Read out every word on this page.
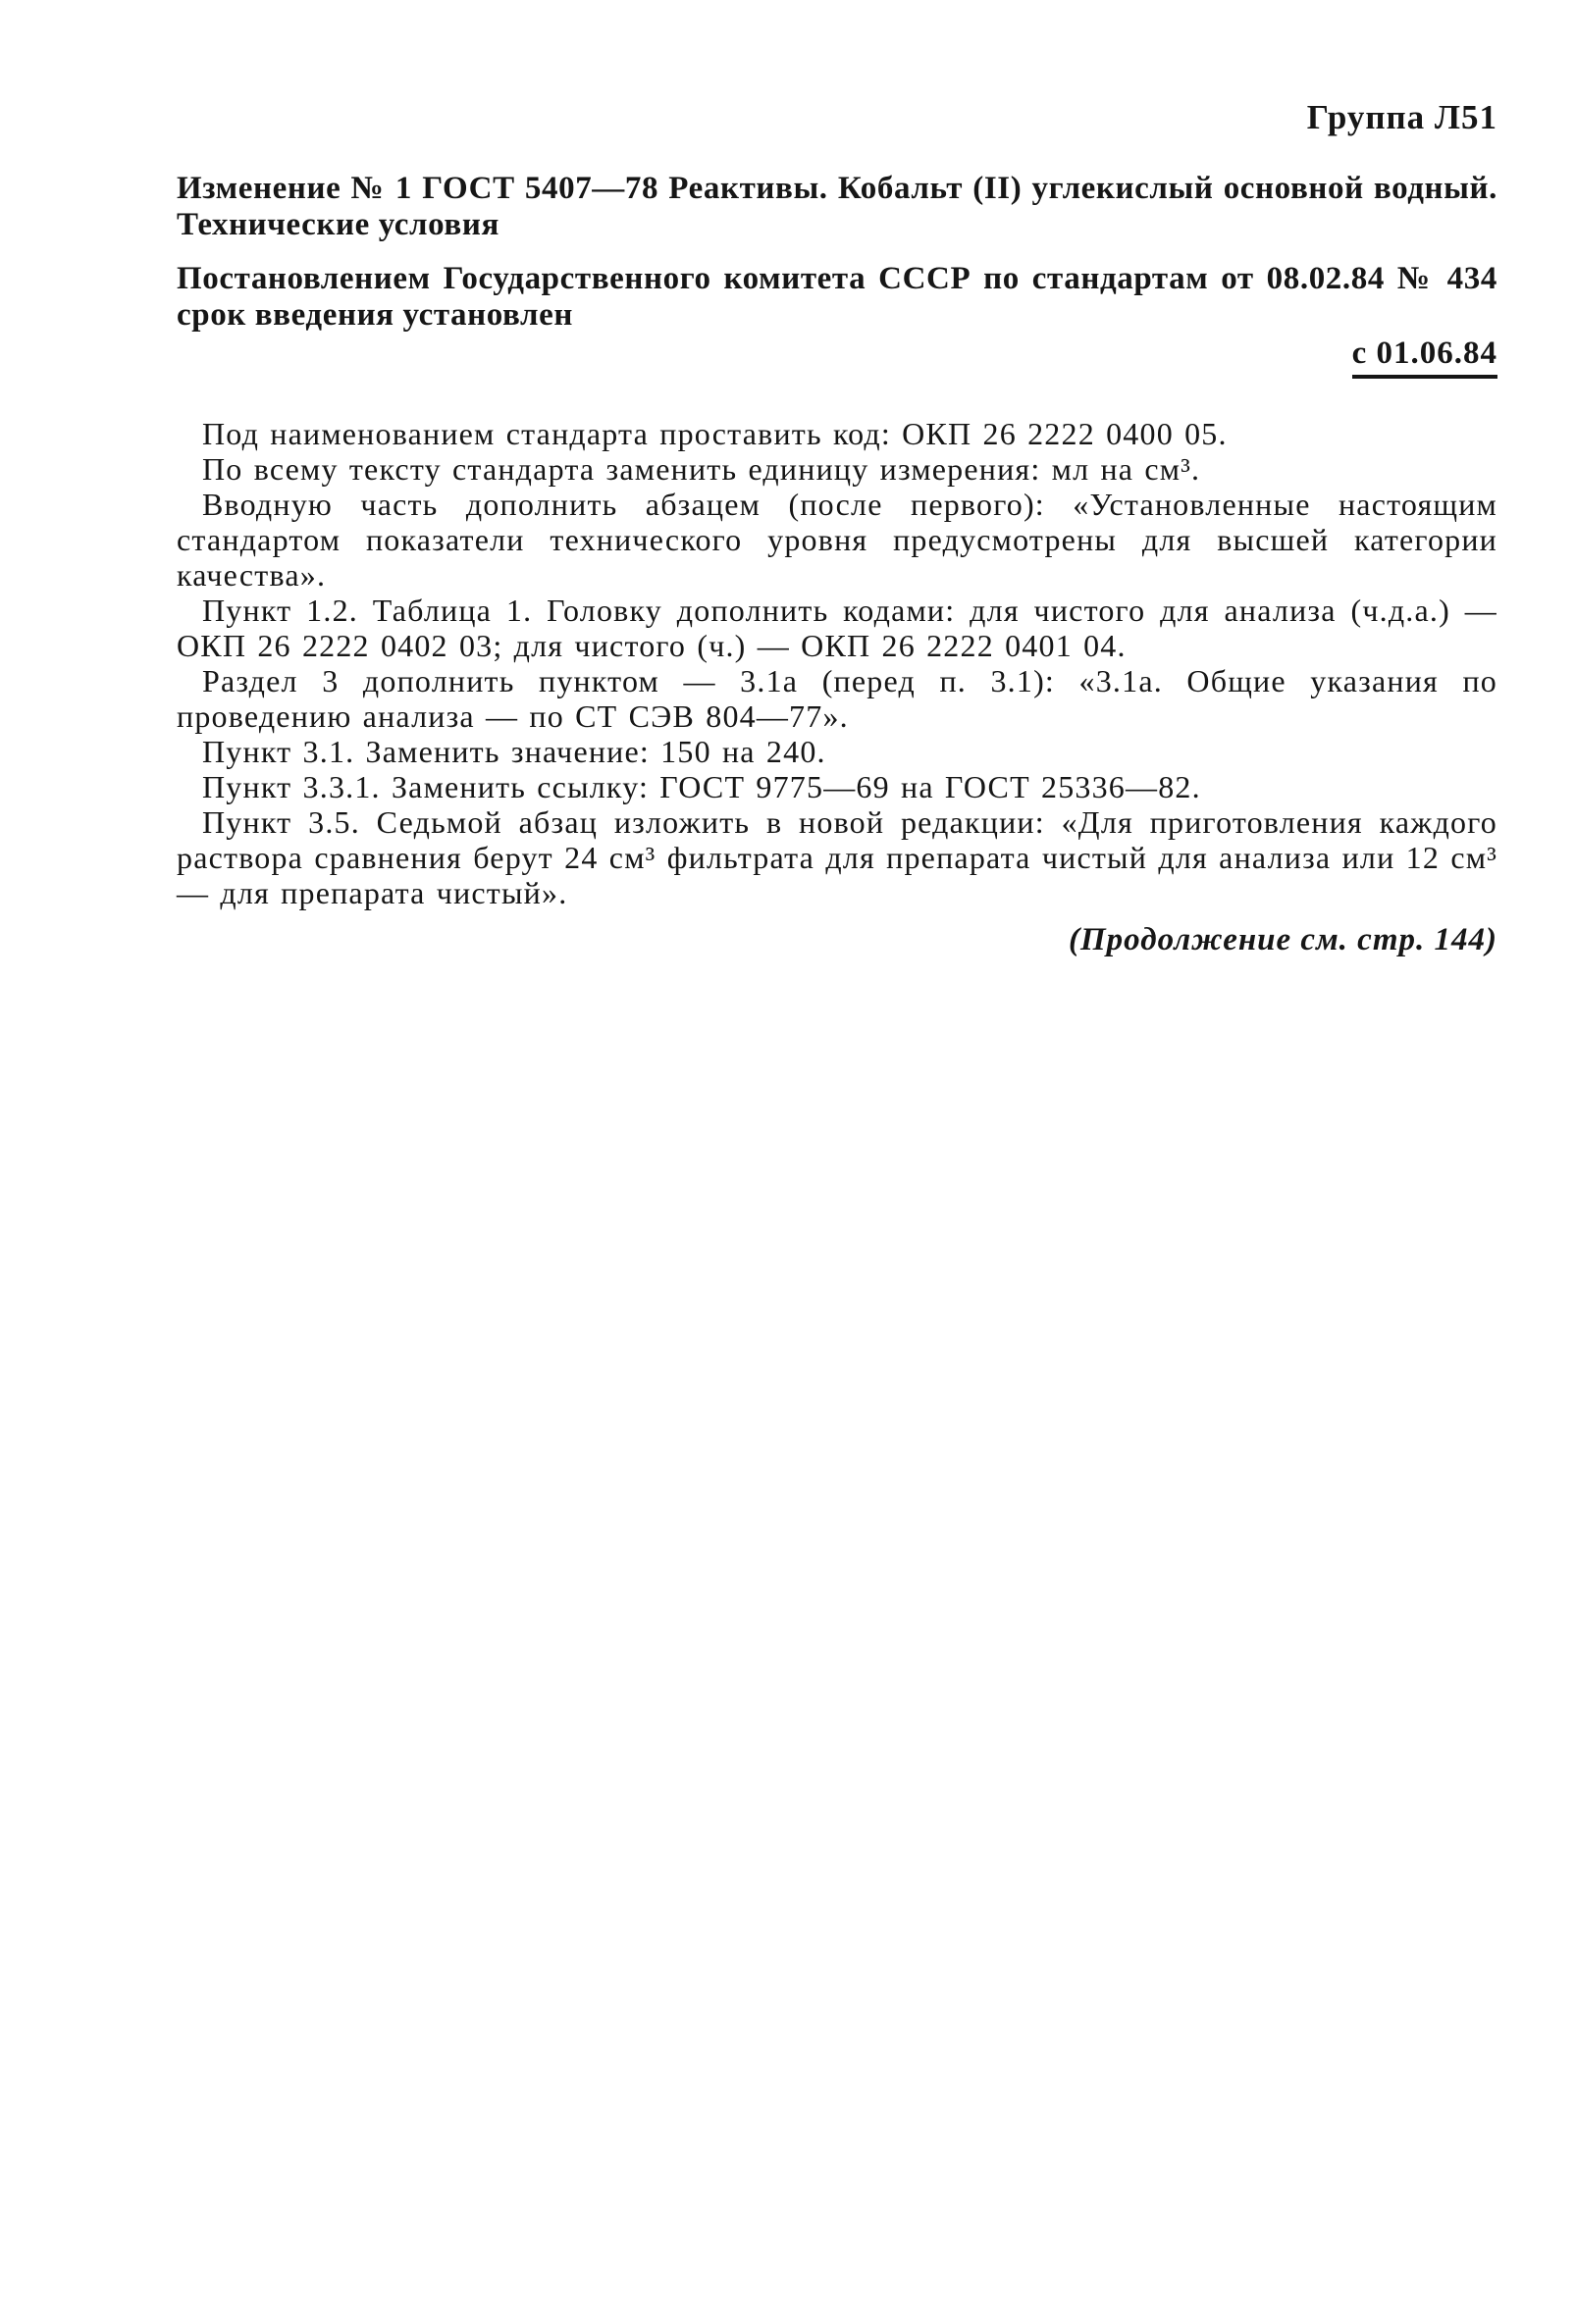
Группа Л51

Изменение № 1 ГОСТ 5407—78 Реактивы. Кобальт (II) углекислый основной водный. Технические условия

Постановлением Государственного комитета СССР по стандартам от 08.02.84 № 434 срок введения установлен

с 01.06.84

Под наименованием стандарта проставить код: ОКП 26 2222 0400 05.

По всему тексту стандарта заменить единицу измерения: мл на см³.

Вводную часть дополнить абзацем (после первого): «Установленные настоящим стандартом показатели технического уровня предусмотрены для высшей категории качества».

Пункт 1.2. Таблица 1. Головку дополнить кодами: для чистого для анализа (ч.д.а.) — ОКП 26 2222 0402 03; для чистого (ч.) — ОКП 26 2222 0401 04.

Раздел 3 дополнить пунктом — 3.1а (перед п. 3.1): «3.1а. Общие указания по проведению анализа — по СТ СЭВ 804—77».

Пункт 3.1. Заменить значение: 150 на 240.

Пункт 3.3.1. Заменить ссылку: ГОСТ 9775—69 на ГОСТ 25336—82.

Пункт 3.5. Седьмой абзац изложить в новой редакции: «Для приготовления каждого раствора сравнения берут 24 см³ фильтрата для препарата чистый для анализа или 12 см³ — для препарата чистый».

(Продолжение см. стр. 144)
